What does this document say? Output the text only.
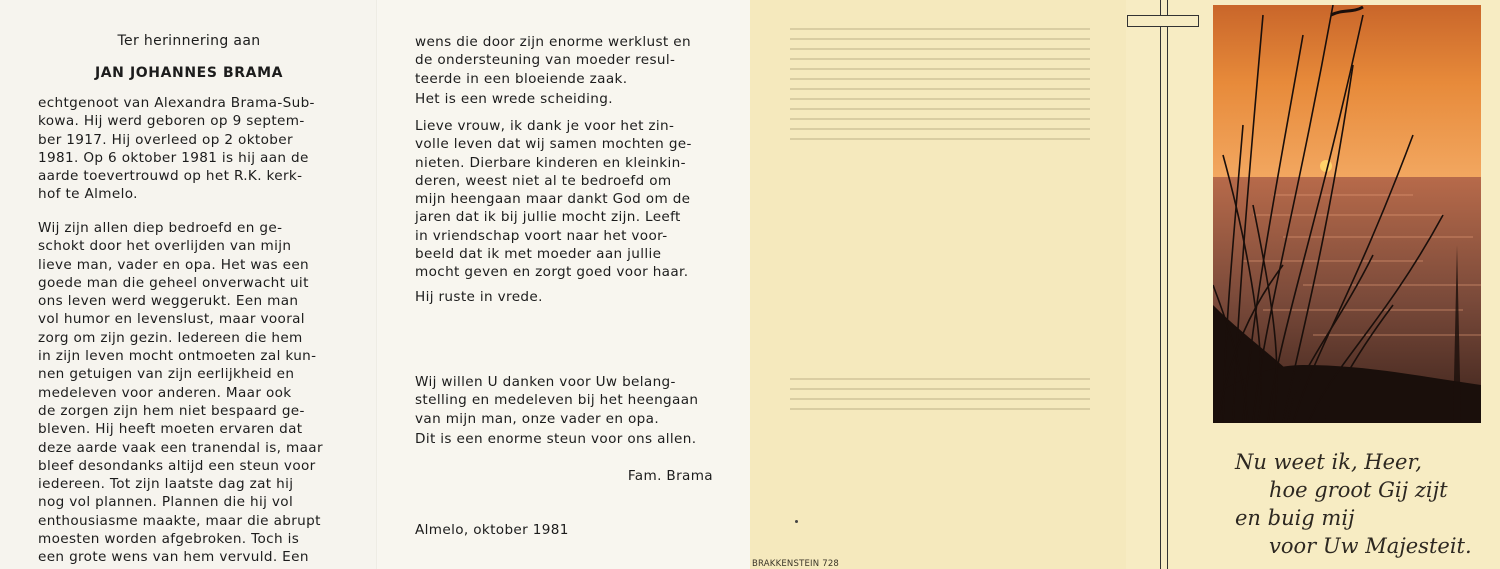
Ter herinnering aan
JAN JOHANNES BRAMA
echtgenoot van Alexandra Brama-Sub-
kowa. Hij werd geboren op 9 septem-
ber 1917. Hij overleed op 2 oktober
1981. Op 6 oktober 1981 is hij aan de
aarde toevertrouwd op het R.K. kerk-
hof te Almelo.
Wij zijn allen diep bedroefd en ge-
schokt door het overlijden van mijn
lieve man, vader en opa. Het was een
goede man die geheel onverwacht uit
ons leven werd weggerukt. Een man
vol humor en levenslust, maar vooral
zorg om zijn gezin. Iedereen die hem
in zijn leven mocht ontmoeten zal kun-
nen getuigen van zijn eerlijkheid en
medeleven voor anderen. Maar ook
de zorgen zijn hem niet bespaard ge-
bleven. Hij heeft moeten ervaren dat
deze aarde vaak een tranendal is, maar
bleef desondanks altijd een steun voor
iedereen. Tot zijn laatste dag zat hij
nog vol plannen. Plannen die hij vol
enthousiasme maakte, maar die abrupt
moesten worden afgebroken. Toch is
een grote wens van hem vervuld. Een
wens die door zijn enorme werklust en
de ondersteuning van moeder resul-
teerde in een bloeiende zaak.
Het is een wrede scheiding.
Lieve vrouw, ik dank je voor het zin-
volle leven dat wij samen mochten ge-
nieten. Dierbare kinderen en kleinkin-
deren, weest niet al te bedroefd om
mijn heengaan maar dankt God om de
jaren dat ik bij jullie mocht zijn. Leeft
in vriendschap voort naar het voor-
beeld dat ik met moeder aan jullie
mocht geven en zorgt goed voor haar.
Hij ruste in vrede.
Wij willen U danken voor Uw belang-
stelling en medeleven bij het heengaan
van mijn man, onze vader en opa.
Dit is een enorme steun voor ons allen.
Fam. Brama
Almelo, oktober 1981
BRAKKENSTEIN 728
Nu weet ik, Heer,
hoe groot Gij zijt
en buig mij
voor Uw Majesteit.
